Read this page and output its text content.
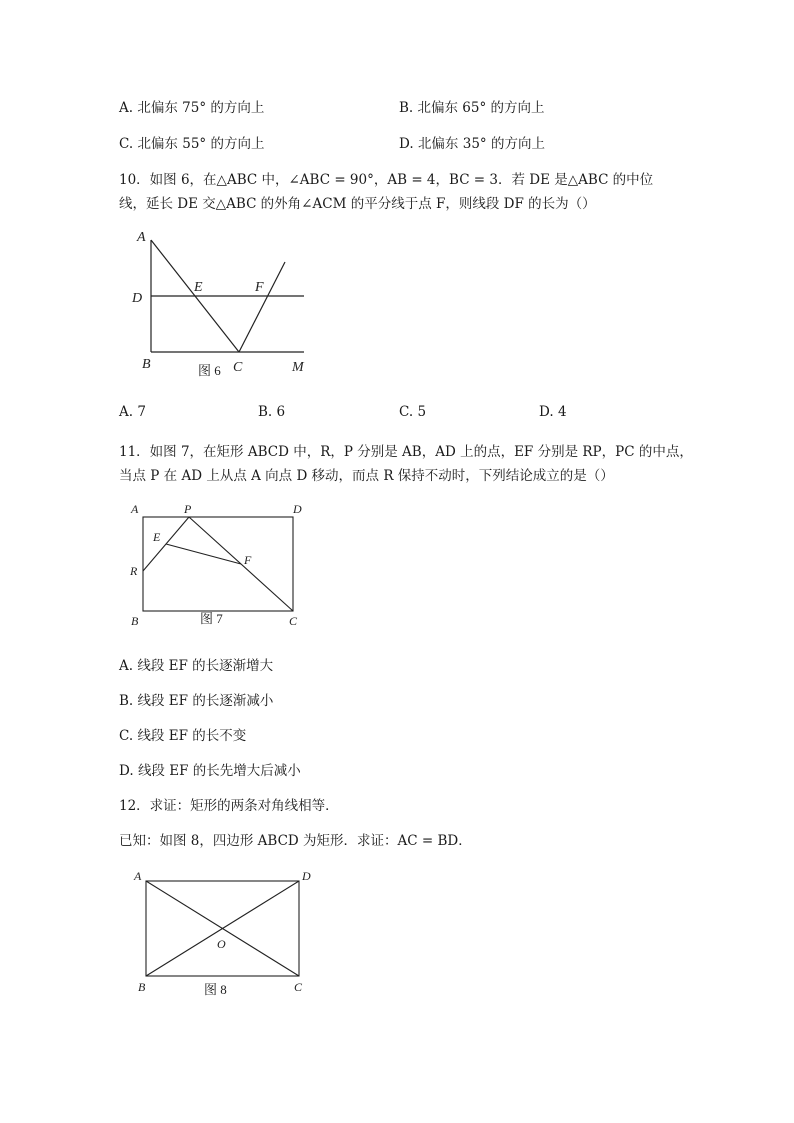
A. 北偏东 75° 的方向上	B. 北偏东 65° 的方向上
C. 北偏东 55° 的方向上	D. 北偏东 35° 的方向上
10．如图 6，在△ABC 中，∠ABC = 90°，AB = 4，BC = 3．若 DE 是△ABC 的中位
线，延长 DE 交△ABC 的外角∠ACM 的平分线于点 F，则线段 DF 的长为（）
A
D
E	F
B	C	M
图 6
A. 7	B. 6	C. 5	D. 4
11．如图 7，在矩形 ABCD 中，R，P 分别是 AB，AD 上的点，EF 分别是 RP，PC 的中点，
当点 P 在 AD 上从点 A 向点 D 移动，而点 R 保持不动时，下列结论成立的是（）
A	P	D
E
F
R
B	C
图 7
A. 线段 EF 的长逐渐增大
B. 线段 EF 的长逐渐减小
C. 线段 EF 的长不变
D. 线段 EF 的长先增大后减小
12．求证：矩形的两条对角线相等．
已知：如图 8，四边形 ABCD 为矩形．求证：AC = BD．
A	D
O
B	C
图 8
